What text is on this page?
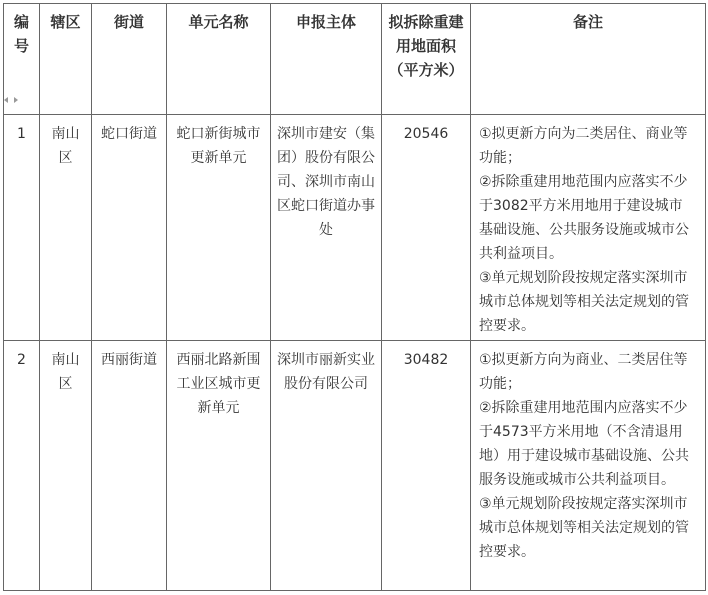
编号	辖区	街道	单元名称	申报主体	拟拆除重建用地面积（平方米）	备注
1	南山区	蛇口街道	蛇口新街城市更新单元	深圳市建安（集团）股份有限公司、深圳市南山区蛇口街道办事处	20546	①拟更新方向为二类居住、商业等功能；

②拆除重建用地范围内应落实不少于3082平方米用地用于建设城市基础设施、公共服务设施或城市公共利益项目。

③单元规划阶段按规定落实深圳市城市总体规划等相关法定规划的管控要求。

2	南山区	西丽街道	西丽北路新围工业区城市更新单元	深圳市丽新实业股份有限公司	30482	①拟更新方向为商业、二类居住等功能；

②拆除重建用地范围内应落实不少于4573平方米用地（不含清退用地）用于建设城市基础设施、公共服务设施或城市公共利益项目。

③单元规划阶段按规定落实深圳市城市总体规划等相关法定规划的管控要求。
